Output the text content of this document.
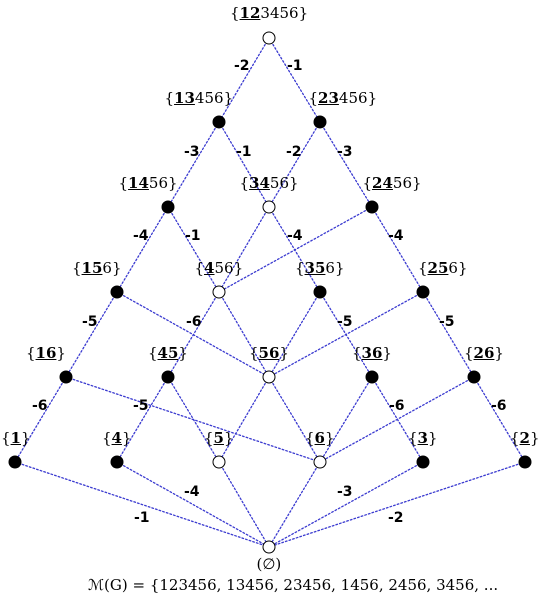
{123456}
{13456}	{23456}
{1456}	{3456}	{2456}
{156}	{456}	{356}	{256}
{16}	{45}	{56}	{36}	{26}
{1}	{4}	{5}	{6}	{3}	{2}
(∅)
-2	-1
-3	-1 -2	-3
-4	-1	-4	-4
-5	-6	-5	-5
-6	-5	-6	-6
-4	-3
-1	-2
ℳ(G) = {123456, 13456, 23456, 1456, 2456, 3456, ...
